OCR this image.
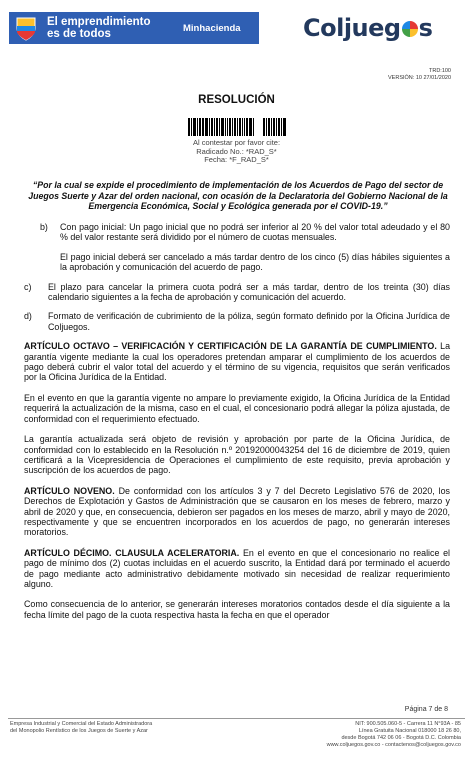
El emprendimiento
es de todos	Minhacienda	Coljueg s
TRD:100
VERSIÓN: 10 27/01/2020
RESOLUCIÓN
Al contestar por favor cite:
Radicado No.: *RAD_S*
Fecha: *F_RAD_S*
“Por la cual se expide el procedimiento de implementación de los Acuerdos de Pago del sector de Juegos Suerte y Azar del orden nacional, con ocasión de la Declaratoria del Gobierno Nacional de la Emergencia Económica, Social y Ecológica generada por el COVID-19.”
b)	Con pago inicial: Un pago inicial que no podrá ser inferior al 20 % del valor total adeudado y el 80 % del valor restante será dividido por el número de cuotas mensuales.

El pago inicial deberá ser cancelado a más tardar dentro de los cinco (5) días hábiles siguientes a la aprobación y comunicación del acuerdo de pago.

c)	El plazo para cancelar la primera cuota podrá ser a más tardar, dentro de los treinta (30) días calendario siguientes a la fecha de aprobación y comunicación del acuerdo.
d)	Formato de verificación de cubrimiento de la póliza, según formato definido por la Oficina Jurídica de Coljuegos.

ARTÍCULO OCTAVO – VERIFICACIÓN Y CERTIFICACIÓN DE LA GARANTÍA DE CUMPLIMIENTO. La garantía vigente mediante la cual los operadores pretendan amparar el cumplimiento de los acuerdos de pago deberá cubrir el valor total del acuerdo y el término de su vigencia, requisitos que serán verificados por la Oficina Jurídica de la Entidad.

En el evento en que la garantía vigente no ampare lo previamente exigido, la Oficina Jurídica de la Entidad requerirá la actualización de la misma, caso en el cual, el concesionario podrá allegar la póliza ajustada, de conformidad con el requerimiento efectuado.

La garantía actualizada será objeto de revisión y aprobación por parte de la Oficina Jurídica, de conformidad con lo establecido en la Resolución n.º 20192000043254 del 16 de diciembre de 2019, quien certificará a la Vicepresidencia de Operaciones el cumplimiento de este requisito, previa aprobación y suscripción de los acuerdos de pago.

ARTÍCULO NOVENO. De conformidad con los artículos 3 y 7 del Decreto Legislativo 576 de 2020, los Derechos de Explotación y Gastos de Administración que se causaron en los meses de febrero, marzo y abril de 2020 y que, en consecuencia, debieron ser pagados en los meses de marzo, abril y mayo de 2020, respectivamente y que se encuentren incorporados en los acuerdos de pago, no generarán intereses moratorios.

ARTÍCULO DÉCIMO. CLAUSULA ACELERATORIA. En el evento en que el concesionario no realice el pago de mínimo dos (2) cuotas incluidas en el acuerdo suscrito, la Entidad dará por terminado el acuerdo de pago mediante acto administrativo debidamente motivado sin necesidad de realizar requerimiento alguno.

Como consecuencia de lo anterior, se generarán intereses moratorios contados desde el día siguiente a la fecha límite del pago de la cuota respectiva hasta la fecha en que el operador

Página 7 de 8
Empresa Industrial y Comercial del Estado Administradora
del Monopolio Rentístico de los Juegos de Suerte y Azar
NIT: 900.505.060-5 - Carrera 11 N°93A - 85
Línea Gratuita Nacional 018000 18 26 80,
desde Bogotá 742 06 06 - Bogotá D.C. Colombia
www.coljuegos.gov.co - contactenos@coljuegos.gov.co
